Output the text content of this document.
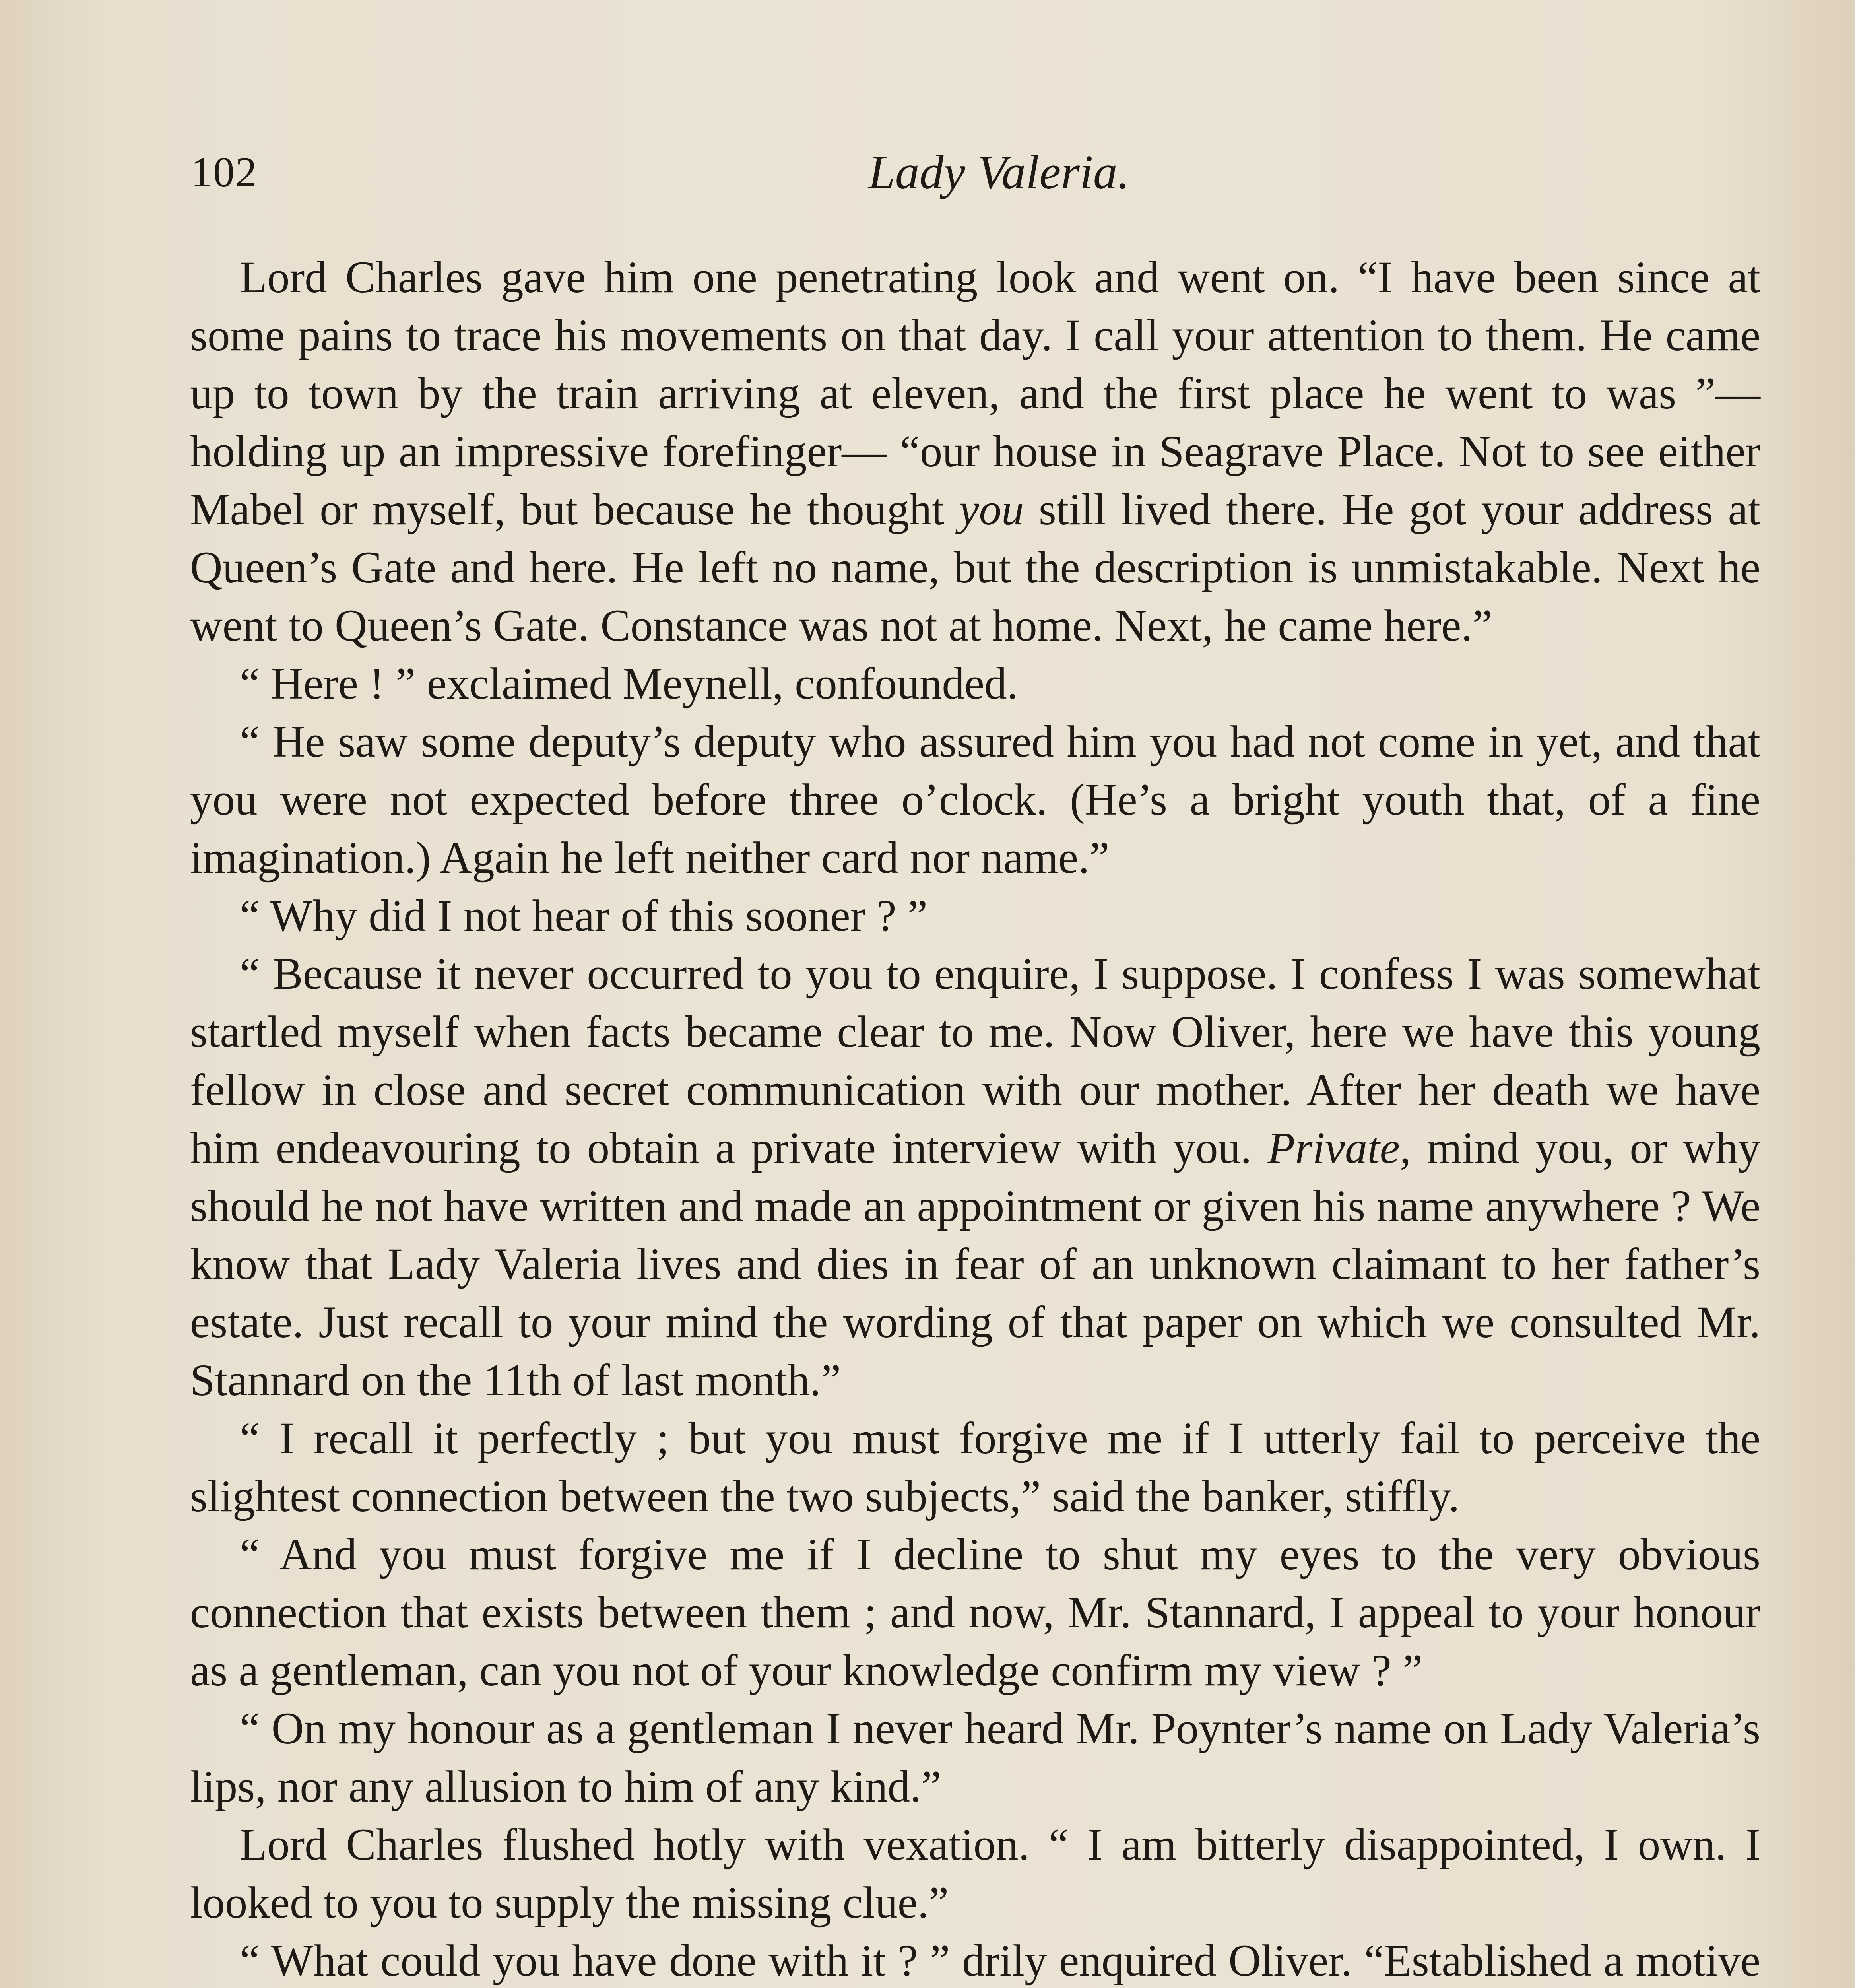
102	Lady Valeria.

Lord Charles gave him one penetrating look and went on. “I have been since at some pains to trace his movements on that day. I call your attention to them. He came up to town by the train arriving at eleven, and the first place he went to was ”— holding up an impressive forefinger— “our house in Seagrave Place. Not to see either Mabel or myself, but because he thought you still lived there. He got your address at Queen’s Gate and here. He left no name, but the description is unmistakable. Next he went to Queen’s Gate. Constance was not at home. Next, he came here.”

“ Here ! ” exclaimed Meynell, confounded.

“ He saw some deputy’s deputy who assured him you had not come in yet, and that you were not expected before three o’clock. (He’s a bright youth that, of a fine imagination.) Again he left neither card nor name.”

“ Why did I not hear of this sooner ? ”

“ Because it never occurred to you to enquire, I suppose. I confess I was somewhat startled myself when facts became clear to me. Now Oliver, here we have this young fellow in close and secret communication with our mother. After her death we have him endeavouring to obtain a private interview with you. Private, mind you, or why should he not have written and made an appointment or given his name anywhere ? We know that Lady Valeria lives and dies in fear of an unknown claimant to her father’s estate. Just recall to your mind the wording of that paper on which we consulted Mr. Stannard on the 11th of last month.”

“ I recall it perfectly ; but you must forgive me if I utterly fail to perceive the slightest connection between the two subjects,” said the banker, stiffly.

“ And you must forgive me if I decline to shut my eyes to the very obvious connection that exists between them ; and now, Mr. Stannard, I appeal to your honour as a gentleman, can you not of your knowledge confirm my view ? ”

“ On my honour as a gentleman I never heard Mr. Poynter’s name on Lady Valeria’s lips, nor any allusion to him of any kind.”

Lord Charles flushed hotly with vexation. “ I am bitterly disappointed, I own. I looked to you to supply the missing clue.”

“ What could you have done with it ? ” drily enquired Oliver. “Established a motive
